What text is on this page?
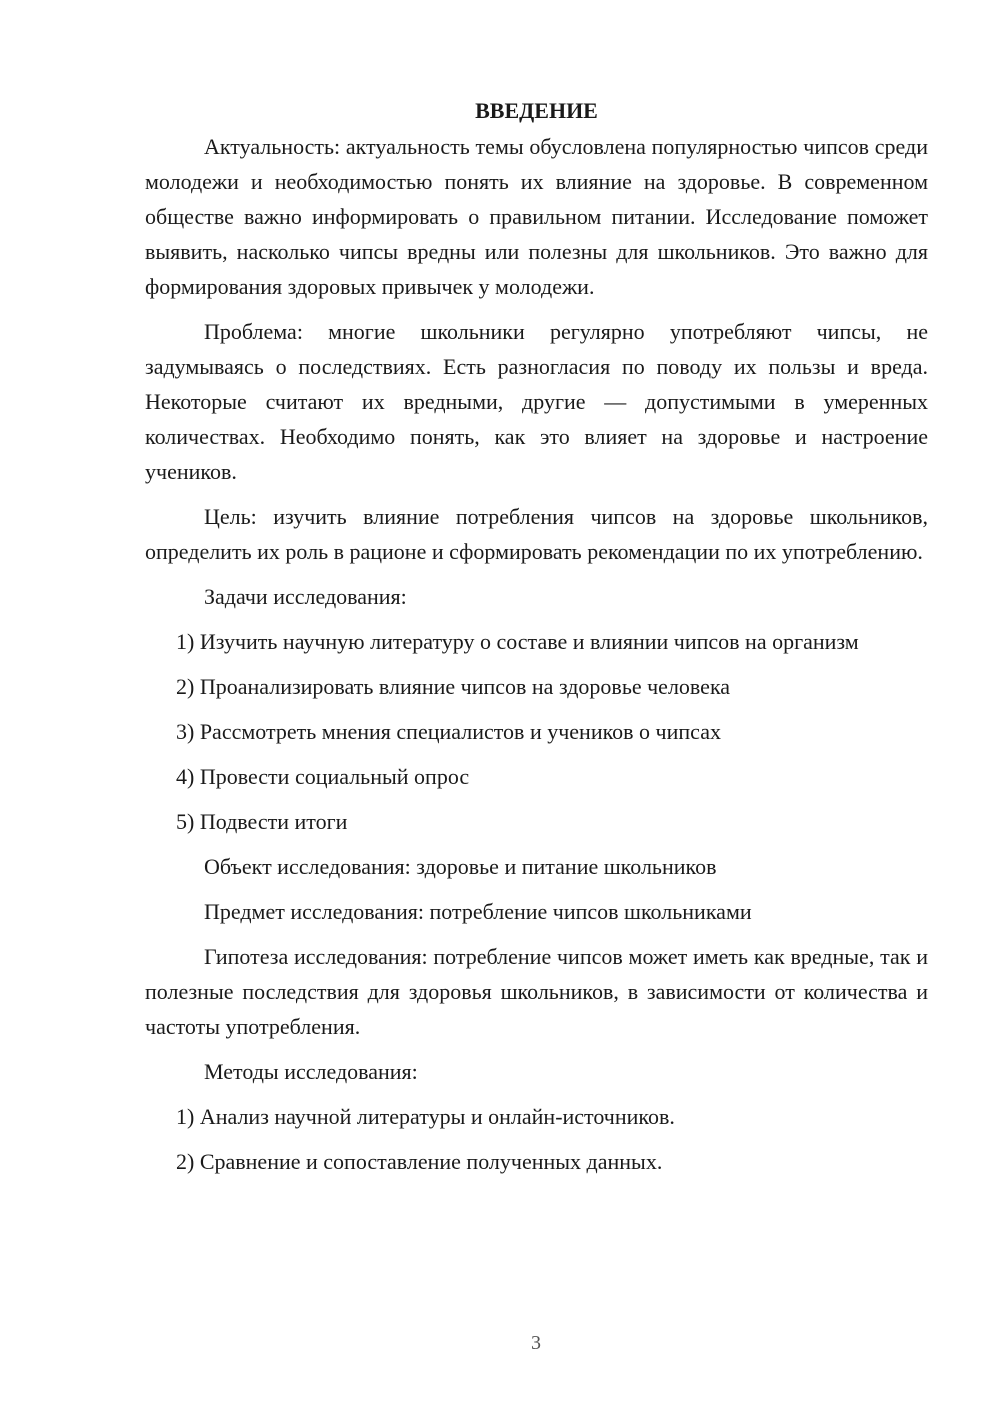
ВВЕДЕНИЕ

Актуальность: актуальность темы обусловлена популярностью чипсов среди молодежи и необходимостью понять их влияние на здоровье. В современном обществе важно информировать о правильном питании. Исследование поможет выявить, насколько чипсы вредны или полезны для школьников. Это важно для формирования здоровых привычек у молодежи.

Проблема: многие школьники регулярно употребляют чипсы, не задумываясь о последствиях. Есть разногласия по поводу их пользы и вреда. Некоторые считают их вредными, другие — допустимыми в умеренных количествах. Необходимо понять, как это влияет на здоровье и настроение учеников.

Цель: изучить влияние потребления чипсов на здоровье школьников, определить их роль в рационе и сформировать рекомендации по их употреблению.

Задачи исследования:

1) Изучить научную литературу о составе и влиянии чипсов на организм

2) Проанализировать влияние чипсов на здоровье человека

3) Рассмотреть мнения специалистов и учеников о чипсах

4) Провести социальный опрос

5) Подвести итоги

Объект исследования: здоровье и питание школьников

Предмет исследования: потребление чипсов школьниками

Гипотеза исследования: потребление чипсов может иметь как вредные, так и полезные последствия для здоровья школьников, в зависимости от количества и частоты употребления.

Методы исследования:

1) Анализ научной литературы и онлайн-источников.

2) Сравнение и сопоставление полученных данных.

3
